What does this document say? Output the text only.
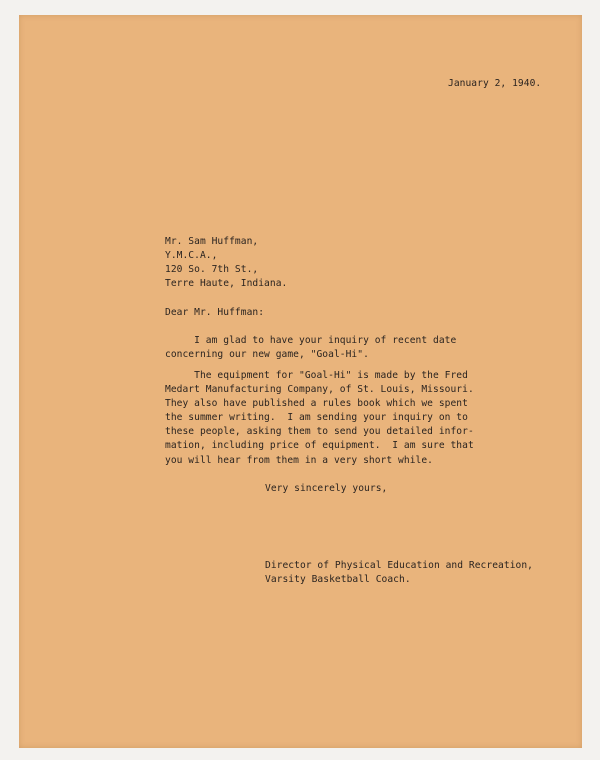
January 2, 1940.
Mr. Sam Huffman,
Y.M.C.A.,
120 So. 7th St.,
Terre Haute, Indiana.
Dear Mr. Huffman:
I am glad to have your inquiry of recent date
concerning our new game, "Goal-Hi".
The equipment for "Goal-Hi" is made by the Fred
Medart Manufacturing Company, of St. Louis, Missouri.
They also have published a rules book which we spent
the summer writing.  I am sending your inquiry on to
these people, asking them to send you detailed infor-
mation, including price of equipment.  I am sure that
you will hear from them in a very short while.
Very sincerely yours,
Director of Physical Education and Recreation,
Varsity Basketball Coach.
